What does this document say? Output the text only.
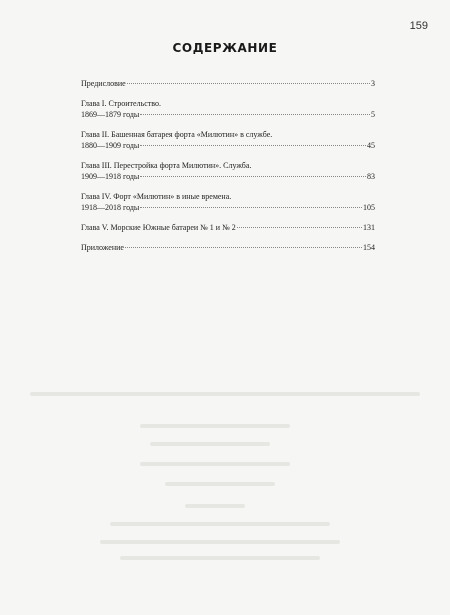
159
СОДЕРЖАНИЕ
Предисловие	3
Глава I. Строительство.
1869—1879 годы	5
Глава II. Башенная батарея форта «Милютин» в службе.
1880—1909 годы	45
Глава III. Перестройка форта Милютин». Служба.
1909—1918 годы	83
Глава IV. Форт «Милютин» в иные времена.
1918—2018 годы	105
Глава V. Морские Южные батареи № 1 и № 2	131
Приложение	154
